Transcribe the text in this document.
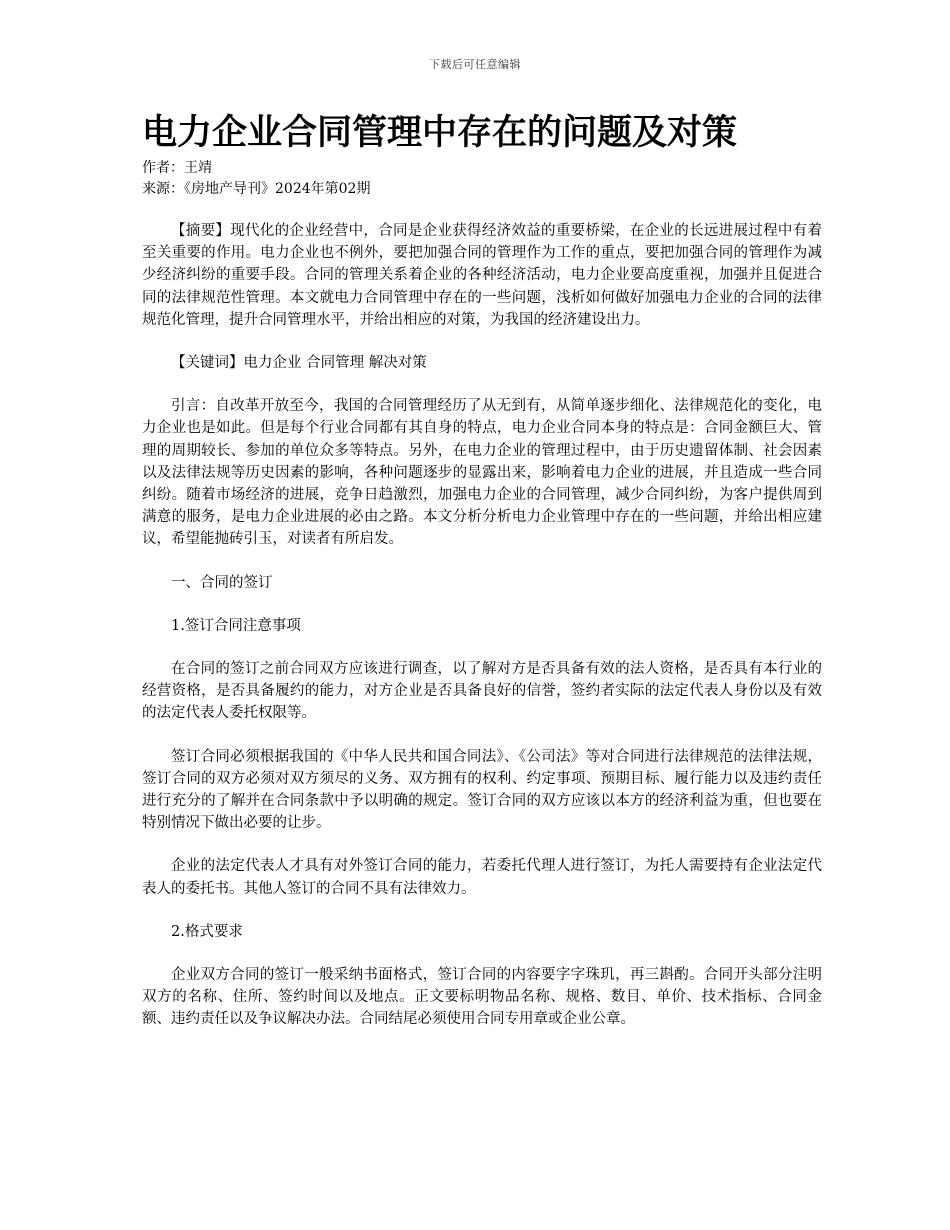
下载后可任意编辑
电力企业合同管理中存在的问题及对策

作者：王靖

来源：《房地产导刊》2024年第02期

【摘要】现代化的企业经营中，合同是企业获得经济效益的重要桥梁，在企业的长远进展过程中有着至关重要的作用。电力企业也不例外，要把加强合同的管理作为工作的重点，要把加强合同的管理作为减少经济纠纷的重要手段。合同的管理关系着企业的各种经济活动，电力企业要高度重视，加强并且促进合同的法律规范性管理。本文就电力合同管理中存在的一些问题，浅析如何做好加强电力企业的合同的法律规范化管理，提升合同管理水平，并给出相应的对策，为我国的经济建设出力。

【关键词】电力企业 合同管理 解决对策

引言：自改革开放至今，我国的合同管理经历了从无到有，从简单逐步细化、法律规范化的变化，电力企业也是如此。但是每个行业合同都有其自身的特点，电力企业合同本身的特点是：合同金额巨大、管理的周期较长、参加的单位众多等特点。另外，在电力企业的管理过程中，由于历史遗留体制、社会因素以及法律法规等历史因素的影响，各种问题逐步的显露出来，影响着电力企业的进展，并且造成一些合同纠纷。随着市场经济的进展，竞争日趋激烈，加强电力企业的合同管理，减少合同纠纷，为客户提供周到满意的服务，是电力企业进展的必由之路。本文分析分析电力企业管理中存在的一些问题，并给出相应建议，希望能抛砖引玉，对读者有所启发。

一、合同的签订

1.签订合同注意事项

在合同的签订之前合同双方应该进行调查，以了解对方是否具备有效的法人资格，是否具有本行业的经营资格，是否具备履约的能力，对方企业是否具备良好的信誉，签约者实际的法定代表人身份以及有效的法定代表人委托权限等。

签订合同必须根据我国的《中华人民共和国合同法》、《公司法》等对合同进行法律规范的法律法规，签订合同的双方必须对双方须尽的义务、双方拥有的权利、约定事项、预期目标、履行能力以及违约责任进行充分的了解并在合同条款中予以明确的规定。签订合同的双方应该以本方的经济利益为重，但也要在特别情况下做出必要的让步。

企业的法定代表人才具有对外签订合同的能力，若委托代理人进行签订，为托人需要持有企业法定代表人的委托书。其他人签订的合同不具有法律效力。

2.格式要求

企业双方合同的签订一般采纳书面格式，签订合同的内容要字字珠玑，再三斟酌。合同开头部分注明双方的名称、住所、签约时间以及地点。正文要标明物品名称、规格、数目、单价、技术指标、合同金额、违约责任以及争议解决办法。合同结尾必须使用合同专用章或企业公章。
